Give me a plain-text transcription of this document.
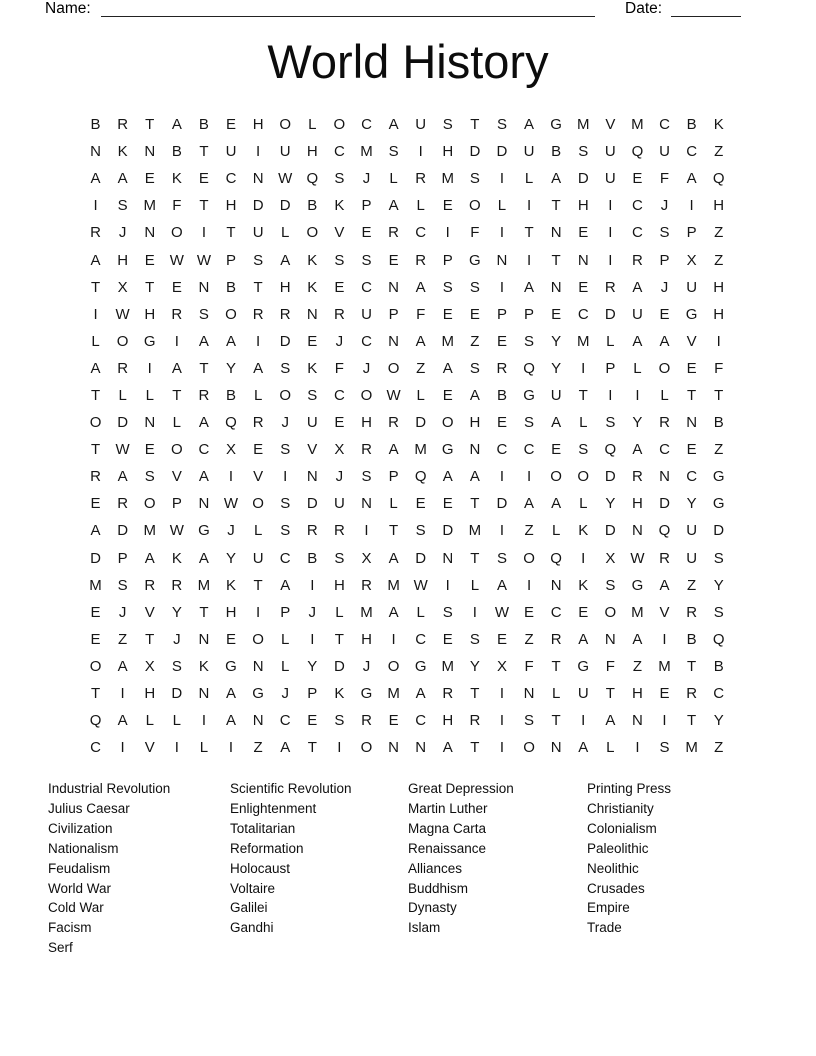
Name:	Date:
World History
B	R	T	A	B	E	H	O	L	O	C	A	U	S	T	S	A	G	M	V	M	C	B	K
N	K	N	B	T	U	I	U	H	C	M	S	I	H	D	D	U	B	S	U	Q	U	C	Z
A	A	E	K	E	C	N W Q	S	J	L	R	M	S	I	L	A	D	U	E	F	A	Q
I	S	M	F	T	H	D	D	B	K	P	A	L	E	O	L	I	T	H	I	C	J	I	H
R	J	N	O	I	T	U	L	O	V	E	R	C	I	F	I	T	N	E	I	C	S	P	Z
A	H	E	W W	P	S	A	K	S	S	E	R	P	G	N	I	T	N	I	R	P	X	Z
T	X	T	E	N	B	T	H	K	E	C	N	A	S	S	I	A	N	E	R	A	J	U	H
I	W H	R	S	O	R	R	N	R	U	P	F	E	E	P	P	E	C	D	U	E	G	H
L	O	G	I	A	A	I	D	E	J	C	N	A	M	Z	E	S	Y	M	L	A	A	V	I
A	R	I	A	T	Y	A	S	K	F	J	O	Z	A	S	R	Q	Y	I	P	L	O	E	F
T	L	L	T	R	B	L	O	S	C	O W	L	E	A	B	G	U	T	I	I	L	T	T
O	D	N	L	A	Q	R	J	U	E	H	R	D	O	H	E	S	A	L	S	Y	R	N	B
T	W	E	O	C	X	E	S	V	X	R	A	M	G	N	C	C	E	S	Q	A	C	E	Z
R	A	S	V	A	I	V	I	N	J	S	P	Q	A	A	I	I	O	O	D	R	N	C	G
E	R	O	P	N W O	S	D	U	N	L	E	E	T	D	A	A	L	Y	H	D	Y	G
A	D	M W G	J	L	S	R	R	I	T	S	D	M	I	Z	L	K	D	N	Q	U	D
D	P	A	K	A	Y	U	C	B	S	X	A	D	N	T	S	O	Q	I	X	W R	U	S
M	S	R	R	M	K	T	A	I	H	R	M W	I	L	A	I	N	K	S	G	A	Z	Y
E	J	V	Y	T	H	I	P	J	L	M	A	L	S	I	W	E	C	E	O	M	V	R	S
E	Z	T	J	N	E	O	L	I	T	H	I	C	E	S	E	Z	R	A	N	A	I	B	Q
O	A	X	S	K	G	N	L	Y	D	J	O	G	M	Y	X	F	T	G	F	Z	M	T	B
T	I	H	D	N	A	G	J	P	K	G	M	A	R	T	I	N	L	U	T	H	E	R	C
Q	A	L	L	I	A	N	C	E	S	R	E	C	H	R	I	S	T	I	A	N	I	T	Y
C	I	V	I	L	I	Z	A	T	I	O	N	N	A	T	I	O	N	A	L	I	S	M	Z
Industrial Revolution
Julius Caesar
Civilization
Nationalism
Feudalism
World War
Cold War
Facism
Serf
Scientific Revolution
Enlightenment
Totalitarian
Reformation
Holocaust
Voltaire
Galilei
Gandhi
Great Depression
Martin Luther
Magna Carta
Renaissance
Alliances
Buddhism
Dynasty
Islam
Printing Press
Christianity
Colonialism
Paleolithic
Neolithic
Crusades
Empire
Trade
